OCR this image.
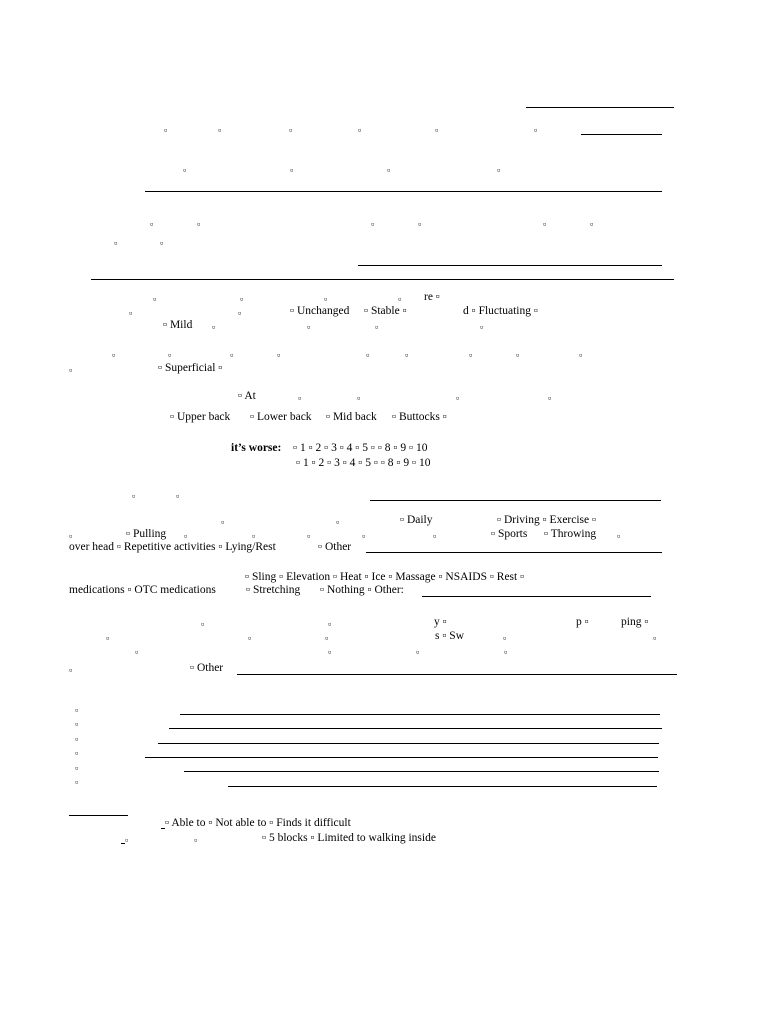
▫	▫	▫	▫	▫	▫
▫	▫	▫	▫
▫	▫	▫	▫	▫	▫
▫	▫
▫	▫	▫	▫ re ▫
▫	▫	▫ Unchanged ▫ Stable ▫	d ▫ Fluctuating ▫
▫ Mild ▫	▫	▫	▫
▫	▫	▫	▫	▫	▫	▫	▫	▫
▫	▫ Superficial ▫
▫ At	▫	▫	▫	▫
▫ Upper back ▫ Lower back ▫ Mid back ▫ Buttocks ▫
it’s worse: ▫ 1 ▫ 2 ▫ 3 ▫ 4 ▫ 5 ▫ ▫ 8 ▫ 9 ▫ 10
▫ 1 ▫ 2 ▫ 3 ▫ 4 ▫ 5 ▫ ▫ 8 ▫ 9 ▫ 10
▫	▫
▫	▫	▫ Daily	▫ Driving ▫ Exercise ▫
▫	▫ Pulling ▫	▫	▫	▫	▫	▫ Sports ▫ Throwing ▫
over head ▫ Repetitive activities ▫ Lying/Rest	▫ Other
▫ Sling ▫ Elevation ▫ Heat ▫ Ice ▫ Massage ▫ NSAIDS ▫ Rest ▫
medications ▫ OTC medications	▫ Stretching ▫ Nothing ▫ Other:
▫	▫	y ▫	p ▫	ping ▫
▫	▫	▫	s ▫ Sw	▫	▫
▫	▫	▫	▫
▫	▫ Other
▫
▫
▫
▫
▫
▫
▫ Able to ▫ Not able to ▫ Finds it difficult
▫	▫	▫ 5 blocks ▫ Limited to walking inside
